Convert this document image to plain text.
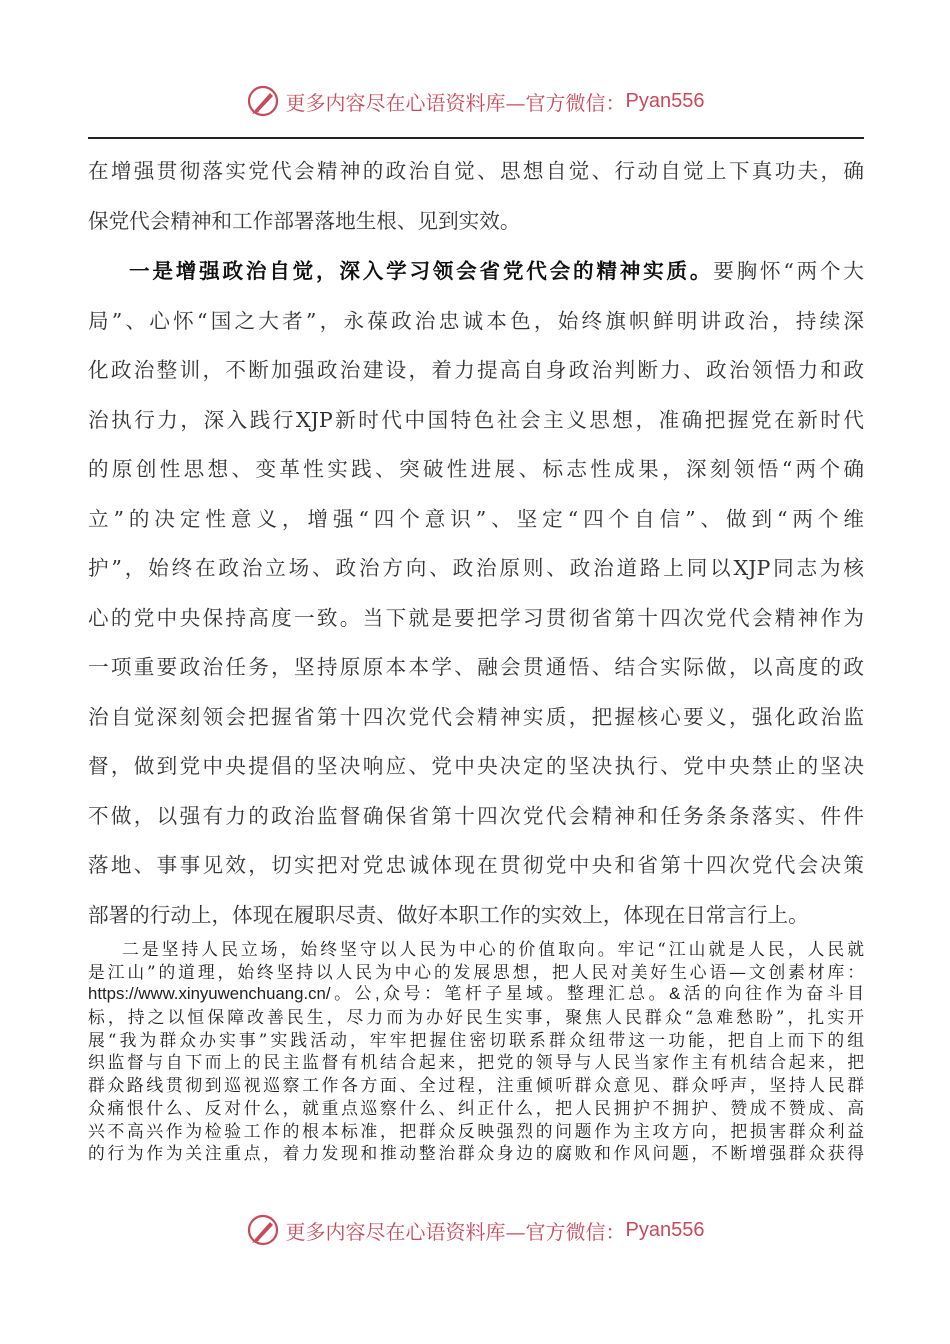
更多内容尽在心语资料库—官方微信： Pyan556
在增强贯彻落实党代会精神的政治自觉、思想自觉、行动自觉上下真功夫，确
保党代会精神和工作部署落地生根、见到实效。
一是增强政治自觉，深入学习领会省党代会的精神实质。要胸怀“两个大
局”、心怀“国之大者”，永葆政治忠诚本色，始终旗帜鲜明讲政治，持续深
化政治整训，不断加强政治建设，着力提高自身政治判断力、政治领悟力和政
治执行力，深入践行XJP新时代中国特色社会主义思想，准确把握党在新时代
的原创性思想、变革性实践、突破性进展、标志性成果，深刻领悟“两个确
立”的决定性意义，增强“四个意识”、坚定“四个自信”、做到“两个维
护”，始终在政治立场、政治方向、政治原则、政治道路上同以XJP同志为核
心的党中央保持高度一致。当下就是要把学习贯彻省第十四次党代会精神作为
一项重要政治任务，坚持原原本本学、融会贯通悟、结合实际做，以高度的政
治自觉深刻领会把握省第十四次党代会精神实质，把握核心要义，强化政治监
督，做到党中央提倡的坚决响应、党中央决定的坚决执行、党中央禁止的坚决
不做，以强有力的政治监督确保省第十四次党代会精神和任务条条落实、件件
落地、事事见效，切实把对党忠诚体现在贯彻党中央和省第十四次党代会决策
部署的行动上，体现在履职尽责、做好本职工作的实效上，体现在日常言行上。
二是坚持人民立场，始终坚守以人民为中心的价值取向。牢记“江山就是人民，人民就
是江山”的道理，始终坚持以人民为中心的发展思想，把人民对美好生心语—文创素材库：
https://www.xinyuwenchuang.cn/。公,众号：笔杆子星域。整理汇总。&活的向往作为奋斗目
标，持之以恒保障改善民生，尽力而为办好民生实事，聚焦人民群众“急难愁盼”，扎实开
展“我为群众办实事”实践活动，牢牢把握住密切联系群众纽带这一功能，把自上而下的组
织监督与自下而上的民主监督有机结合起来，把党的领导与人民当家作主有机结合起来，把
群众路线贯彻到巡视巡察工作各方面、全过程，注重倾听群众意见、群众呼声，坚持人民群
众痛恨什么、反对什么，就重点巡察什么、纠正什么，把人民拥护不拥护、赞成不赞成、高
兴不高兴作为检验工作的根本标准，把群众反映强烈的问题作为主攻方向，把损害群众利益
的行为作为关注重点，着力发现和推动整治群众身边的腐败和作风问题，不断增强群众获得
更多内容尽在心语资料库—官方微信： Pyan556
